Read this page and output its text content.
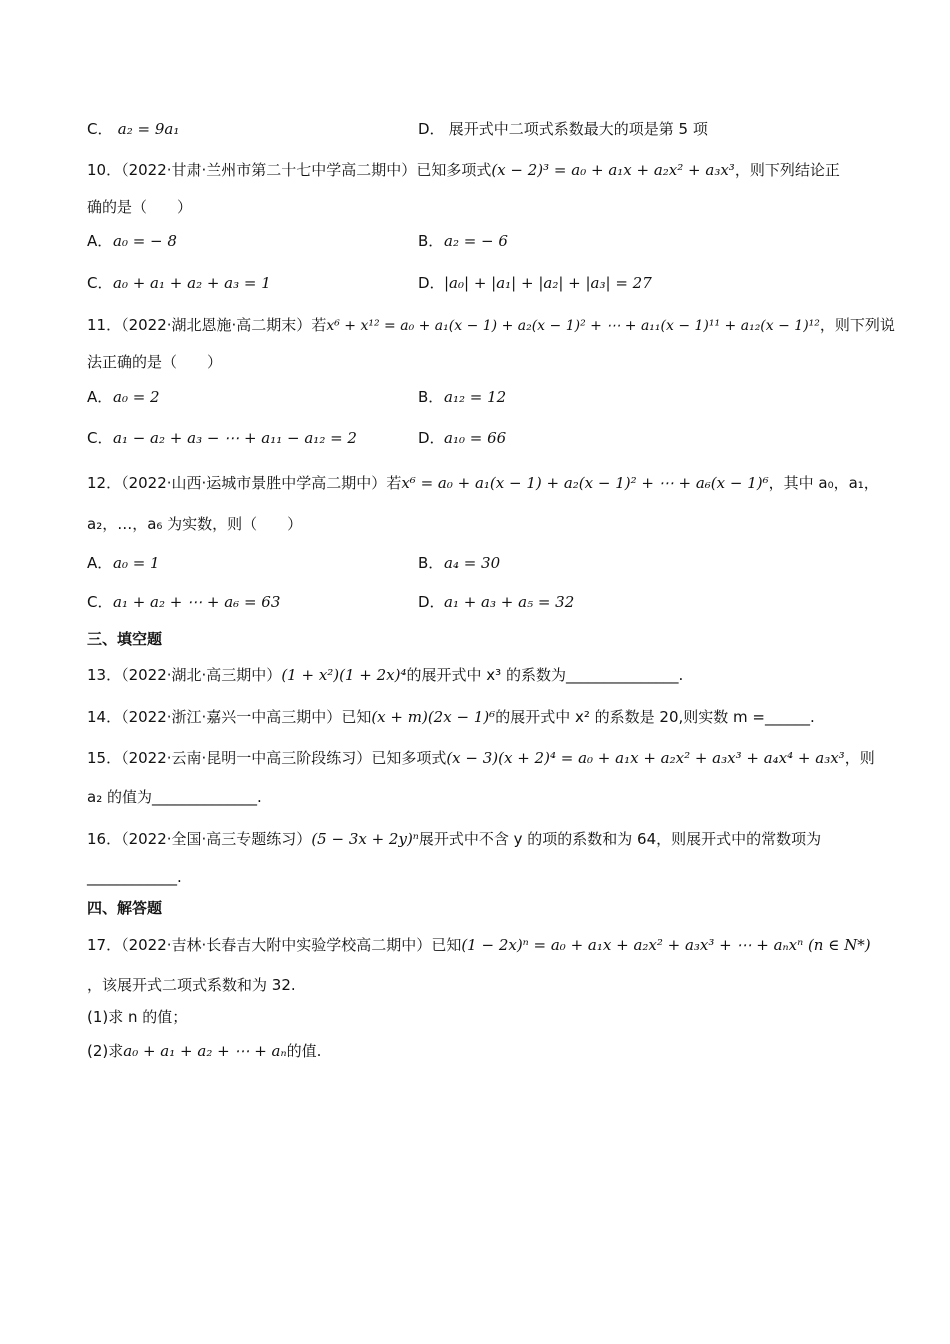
C． a₂ = 9a₁	D． 展开式中二项式系数最大的项是第 5 项
10．（2022·甘肃·兰州市第二十七中学高二期中）已知多项式(x − 2)³ = a₀ + a₁x + a₂x² + a₃x³，则下列结论正
确的是（　　）
A．a₀ = − 8	B．a₂ = − 6
C．a₀ + a₁ + a₂ + a₃ = 1	D．|a₀| + |a₁| + |a₂| + |a₃| = 27
11．（2022·湖北恩施·高二期末）若x⁶ + x¹² = a₀ + a₁(x − 1) + a₂(x − 1)² + ⋯ + a₁₁(x − 1)¹¹ + a₁₂(x − 1)¹²，则下列说
法正确的是（　　）
A．a₀ = 2	B．a₁₂ = 12
C．a₁ − a₂ + a₃ − ⋯ + a₁₁ − a₁₂ = 2	D．a₁₀ = 66
12．（2022·山西·运城市景胜中学高二期中）若x⁶ = a₀ + a₁(x − 1) + a₂(x − 1)² + ⋯ + a₆(x − 1)⁶，其中 a₀，a₁，
a₂，…，a₆ 为实数，则（　　）
A．a₀ = 1	B．a₄ = 30
C．a₁ + a₂ + ⋯ + a₆ = 63	D．a₁ + a₃ + a₅ = 32
三、填空题
13．（2022·湖北·高三期中）(1 + x²)(1 + 2x)⁴的展开式中 x³ 的系数为_______________.
14．（2022·浙江·嘉兴一中高三期中）已知(x + m)(2x − 1)⁶的展开式中 x² 的系数是 20,则实数 m =______.
15．（2022·云南·昆明一中高三阶段练习）已知多项式(x − 3)(x + 2)⁴ = a₀ + a₁x + a₂x² + a₃x³ + a₄x⁴ + a₃x³，则
a₂ 的值为______________.
16．（2022·全国·高三专题练习）(5 − 3x + 2y)ⁿ展开式中不含 y 的项的系数和为 64，则展开式中的常数项为
____________.
四、解答题
17．（2022·吉林·长春吉大附中实验学校高二期中）已知(1 − 2x)ⁿ = a₀ + a₁x + a₂x² + a₃x³ + ⋯ + aₙxⁿ (n ∈ N*)
，该展开式二项式系数和为 32.
(1)求 n 的值；
(2)求a₀ + a₁ + a₂ + ⋯ + aₙ的值.
